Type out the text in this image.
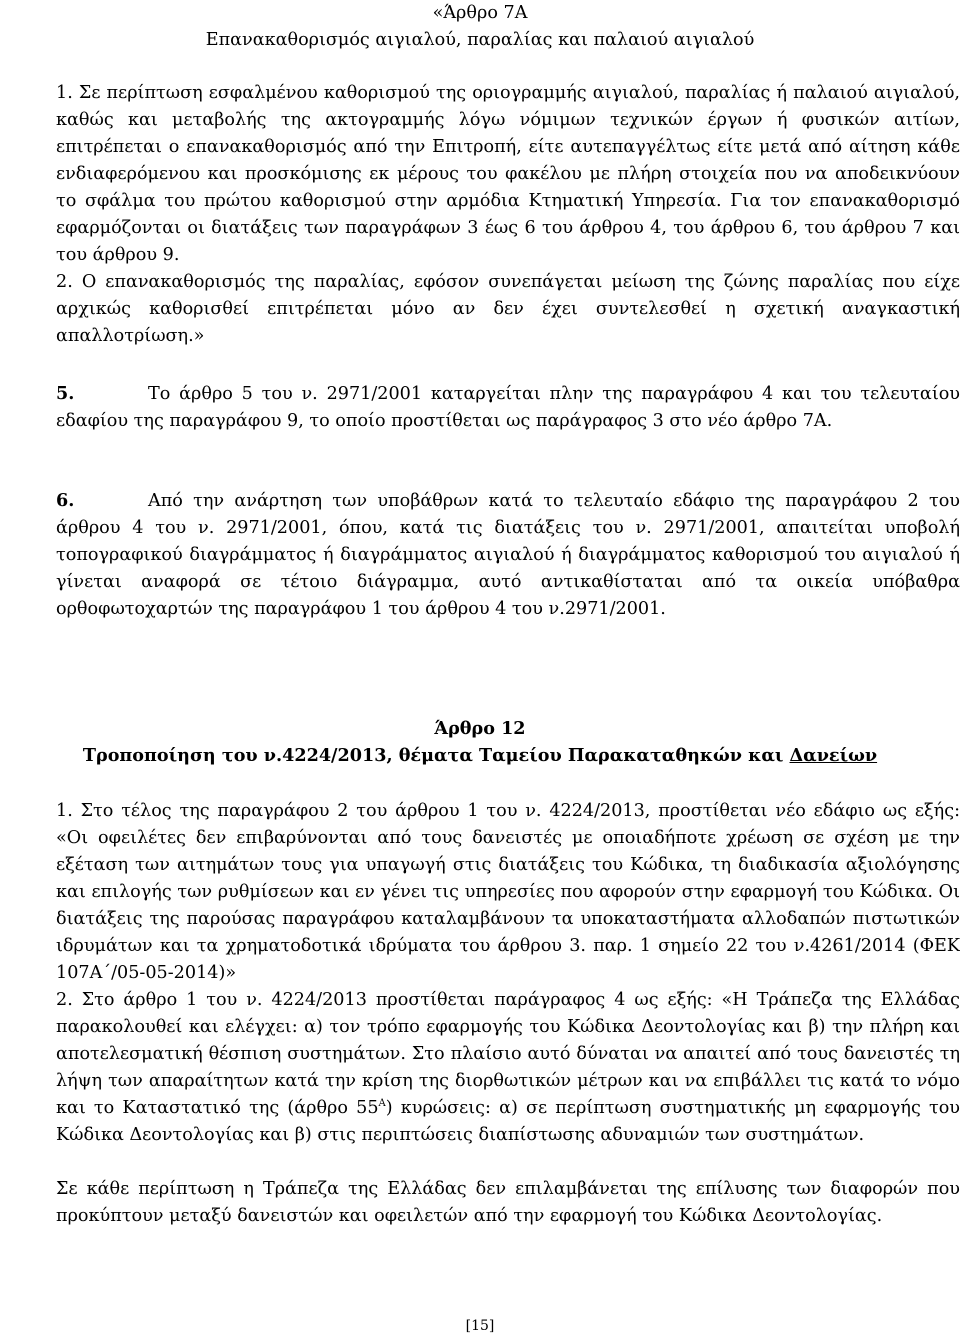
«Άρθρο 7Α
Επανακαθορισμός αιγιαλού, παραλίας και παλαιού αιγιαλού
1. Σε περίπτωση εσφαλμένου καθορισμού της οριογραμμής αιγιαλού, παραλίας ή παλαιού αιγιαλού, καθώς και μεταβολής της ακτογραμμής λόγω νόμιμων τεχνικών έργων ή φυσικών αιτίων, επιτρέπεται ο επανακαθορισμός από την Επιτροπή, είτε αυτεπαγγέλτως είτε μετά από αίτηση κάθε ενδιαφερόμενου και προσκόμισης εκ μέρους του φακέλου με πλήρη στοιχεία που να αποδεικνύουν το σφάλμα του πρώτου καθορισμού στην αρμόδια Κτηματική Υπηρεσία. Για τον επανακαθορισμό εφαρμόζονται οι διατάξεις των παραγράφων 3 έως 6 του άρθρου 4, του άρθρου 6, του άρθρου 7 και του άρθρου 9.
2. Ο επανακαθορισμός της παραλίας, εφόσον συνεπάγεται μείωση της ζώνης παραλίας που είχε αρχικώς καθορισθεί επιτρέπεται μόνο αν δεν έχει συντελεσθεί η σχετική αναγκαστική απαλλοτρίωση.»
5.	Το άρθρο 5 του ν. 2971/2001 καταργείται πλην της παραγράφου 4 και του τελευταίου εδαφίου της παραγράφου 9, το οποίο προστίθεται ως παράγραφος 3 στο νέο άρθρο 7Α.
6.	Από την ανάρτηση των υποβάθρων κατά το τελευταίο εδάφιο της παραγράφου 2 του άρθρου 4 του ν. 2971/2001, όπου, κατά τις διατάξεις του ν. 2971/2001, απαιτείται υποβολή τοπογραφικού διαγράμματος ή διαγράμματος αιγιαλού ή διαγράμματος καθορισμού του αιγιαλού ή γίνεται αναφορά σε τέτοιο διάγραμμα, αυτό αντικαθίσταται από τα οικεία υπόβαθρα ορθοφωτοχαρτών της παραγράφου 1 του άρθρου 4 του ν.2971/2001.
Άρθρο 12
Τροποποίηση του ν.4224/2013, θέματα Ταμείου Παρακαταθηκών και Δανείων
1. Στο τέλος της παραγράφου 2 του άρθρου 1 του ν. 4224/2013, προστίθεται νέο εδάφιο ως εξής: «Οι οφειλέτες δεν επιβαρύνονται από τους δανειστές με οποιαδήποτε χρέωση σε σχέση με την εξέταση των αιτημάτων τους για υπαγωγή στις διατάξεις του Κώδικα, τη διαδικασία αξιολόγησης και επιλογής των ρυθμίσεων και εν γένει τις υπηρεσίες που αφορούν στην εφαρμογή του Κώδικα. Οι διατάξεις της παρούσας παραγράφου καταλαμβάνουν τα υποκαταστήματα αλλοδαπών πιστωτικών ιδρυμάτων και τα χρηματοδοτικά ιδρύματα του άρθρου 3. παρ. 1 σημείο 22 του ν.4261/2014 (ΦΕΚ 107Α΄/05-05-2014)»
2. Στο άρθρο 1 του ν. 4224/2013 προστίθεται παράγραφος 4 ως εξής: «Η Τράπεζα της Ελλάδας παρακολουθεί και ελέγχει: α) τον τρόπο εφαρμογής του Κώδικα Δεοντολογίας και β) την πλήρη και αποτελεσματική θέσπιση συστημάτων. Στο πλαίσιο αυτό δύναται να απαιτεί από τους δανειστές τη λήψη των απαραίτητων κατά την κρίση της διορθωτικών μέτρων και να επιβάλλει τις κατά το νόμο και το Καταστατικό της (άρθρο $55^A$) κυρώσεις: α) σε περίπτωση συστηματικής μη εφαρμογής του Κώδικα Δεοντολογίας και β) στις περιπτώσεις διαπίστωσης αδυναμιών των συστημάτων.
Σε κάθε περίπτωση η Τράπεζα της Ελλάδας δεν επιλαμβάνεται της επίλυσης των διαφορών που προκύπτουν μεταξύ δανειστών και οφειλετών από την εφαρμογή του Κώδικα Δεοντολογίας.
[15]
